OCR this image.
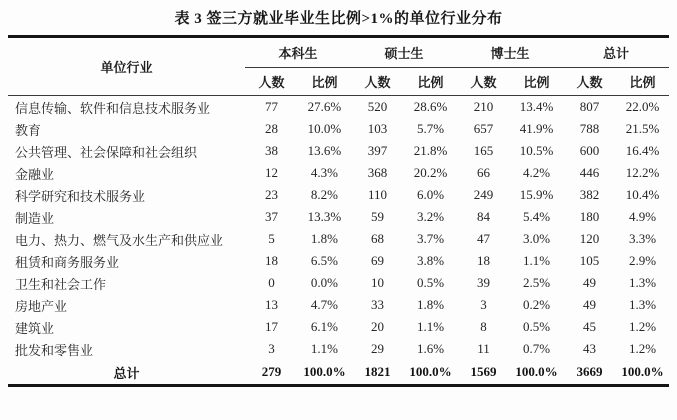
表 3 签三方就业毕业生比例>1%的单位行业分布
单位行业	本科生		硕士生		博士生		总计	
	人数	比例	人数	比例	人数	比例	人数	比例
信息传输、软件和信息技术服务业	77	27.6%	520	28.6%	210	13.4%	807	22.0%
教育	28	10.0%	103	5.7%	657	41.9%	788	21.5%
公共管理、社会保障和社会组织	38	13.6%	397	21.8%	165	10.5%	600	16.4%
金融业	12	4.3%	368	20.2%	66	4.2%	446	12.2%
科学研究和技术服务业	23	8.2%	110	6.0%	249	15.9%	382	10.4%
制造业	37	13.3%	59	3.2%	84	5.4%	180	4.9%
电力、热力、燃气及水生产和供应业	5	1.8%	68	3.7%	47	3.0%	120	3.3%
租赁和商务服务业	18	6.5%	69	3.8%	18	1.1%	105	2.9%
卫生和社会工作	0	0.0%	10	0.5%	39	2.5%	49	1.3%
房地产业	13	4.7%	33	1.8%	3	0.2%	49	1.3%
建筑业	17	6.1%	20	1.1%	8	0.5%	45	1.2%
批发和零售业	3	1.1%	29	1.6%	11	0.7%	43	1.2%
总计	279	100.0%	1821	100.0%	1569	100.0%	3669	100.0%
